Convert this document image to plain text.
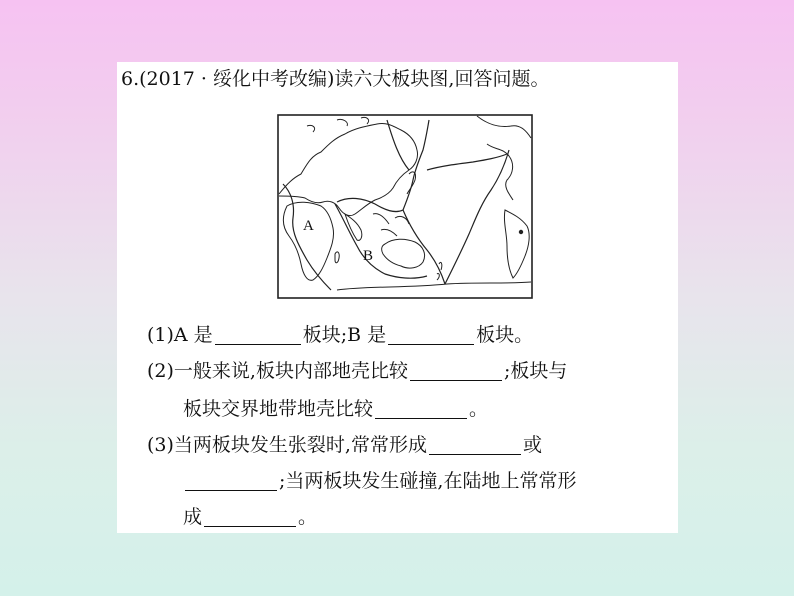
6.(2017 · 绥化中考改编)读六大板块图,回答问题。
A
B
(1)A 是	板块;B 是	板块。
(2)一般来说,板块内部地壳比较	;板块与
板块交界地带地壳比较	。
(3)当两板块发生张裂时,常常形成	或
;当两板块发生碰撞,在陆地上常常形
成	。
